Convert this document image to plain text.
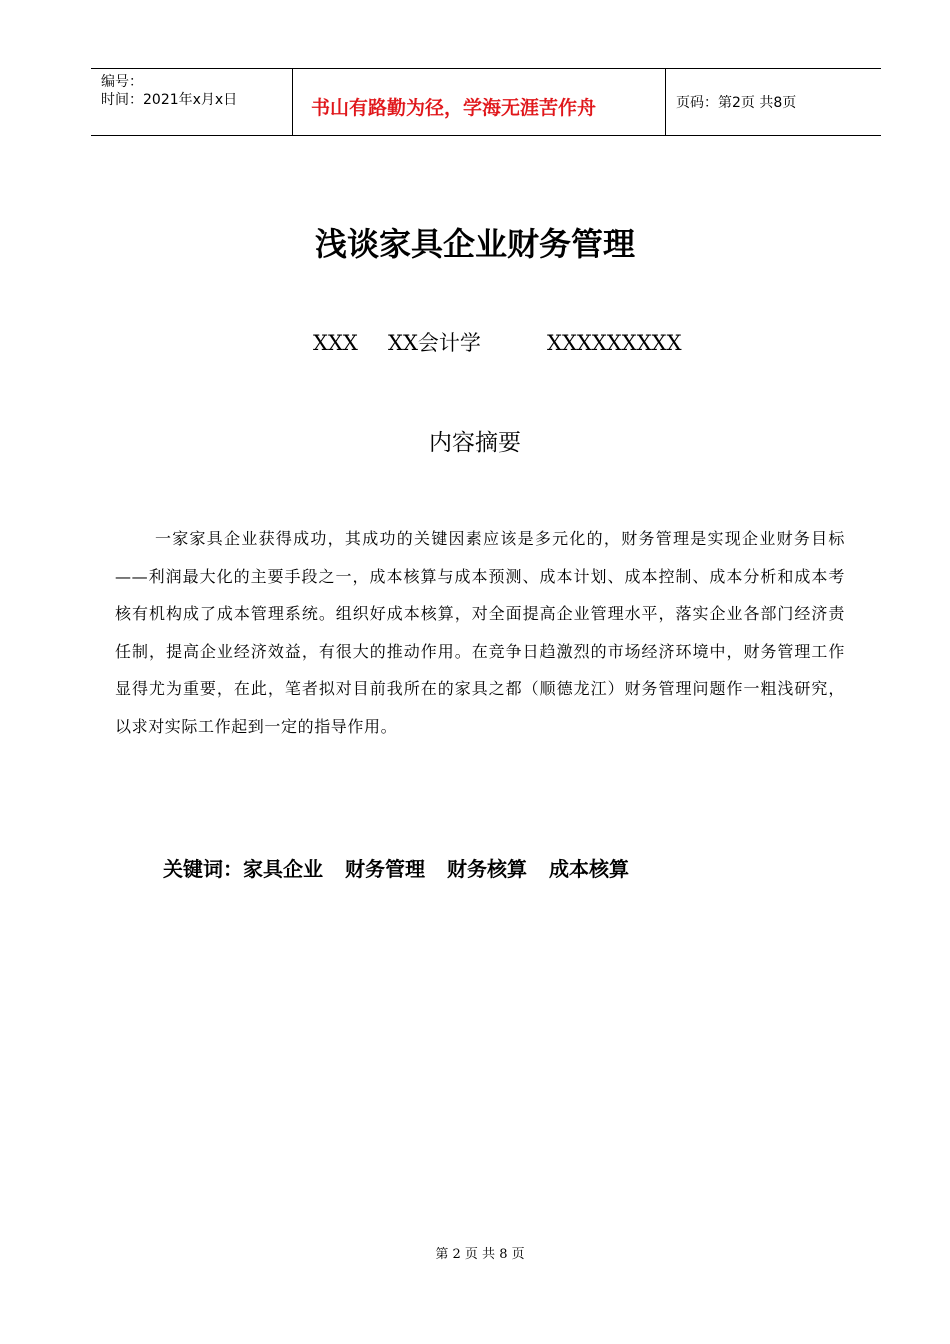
编号：
时间：2021年x月x日	书山有路勤为径，学海无涯苦作舟	页码：第2页 共8页
浅谈家具企业财务管理
XXX XX会计学	XXXXXXXXX
内容摘要

一家家具企业获得成功，其成功的关键因素应该是多元化的，财务管理是实现企业财务目标——利润最大化的主要手段之一，成本核算与成本预测、成本计划、成本控制、成本分析和成本考核有机构成了成本管理系统。组织好成本核算，对全面提高企业管理水平，落实企业各部门经济责任制，提高企业经济效益，有很大的推动作用。在竞争日趋激烈的市场经济环境中，财务管理工作显得尤为重要，在此，笔者拟对目前我所在的家具之都（顺德龙江）财务管理问题作一粗浅研究，以求对实际工作起到一定的指导作用。

关键词：家具企业 财务管理 财务核算 成本核算
第 2 页 共 8 页
